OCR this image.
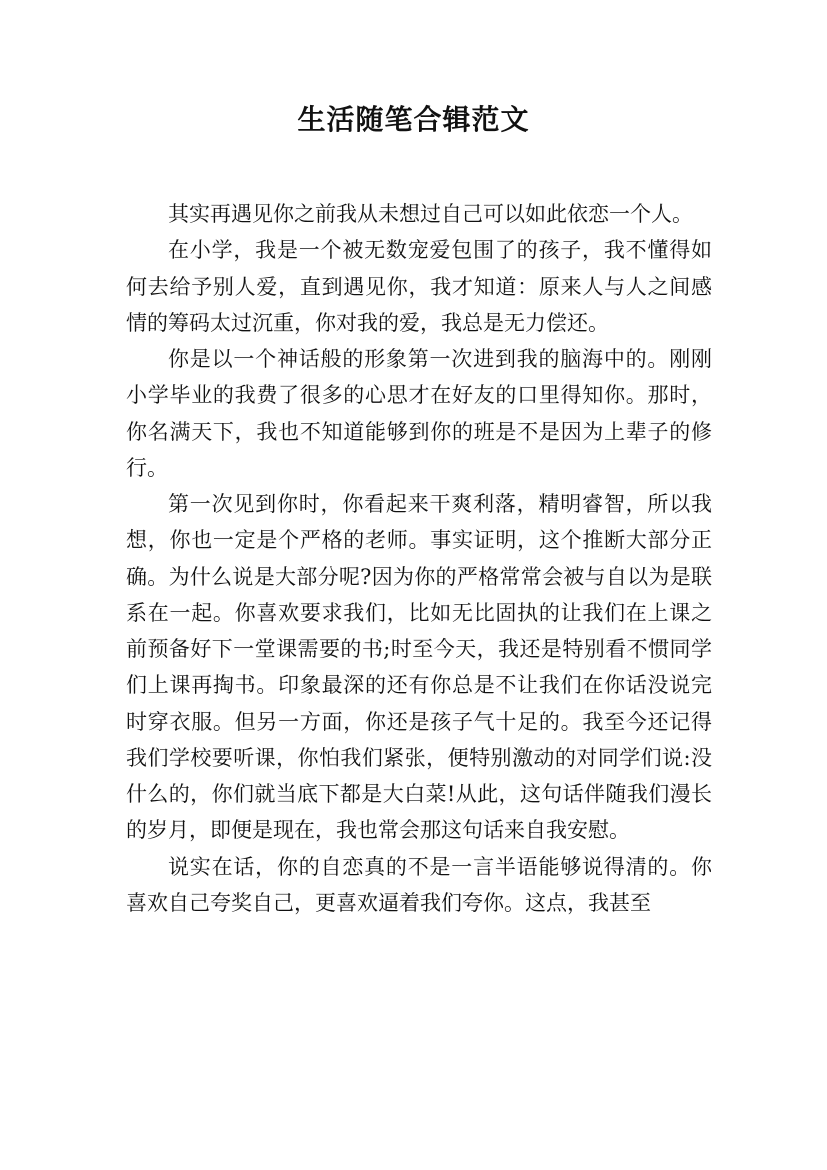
生活随笔合辑范文

其实再遇见你之前我从未想过自己可以如此依恋一个人。

在小学，我是一个被无数宠爱包围了的孩子，我不懂得如何去给予别人爱，直到遇见你，我才知道：原来人与人之间感情的筹码太过沉重，你对我的爱，我总是无力偿还。

你是以一个神话般的形象第一次进到我的脑海中的。刚刚小学毕业的我费了很多的心思才在好友的口里得知你。那时，你名满天下，我也不知道能够到你的班是不是因为上辈子的修行。

第一次见到你时，你看起来干爽利落，精明睿智，所以我想，你也一定是个严格的老师。事实证明，这个推断大部分正确。为什么说是大部分呢?因为你的严格常常会被与自以为是联系在一起。你喜欢要求我们，比如无比固执的让我们在上课之前预备好下一堂课需要的书;时至今天，我还是特别看不惯同学们上课再掏书。印象最深的还有你总是不让我们在你话没说完时穿衣服。但另一方面，你还是孩子气十足的。我至今还记得我们学校要听课，你怕我们紧张，便特别激动的对同学们说:没什么的，你们就当底下都是大白菜!从此，这句话伴随我们漫长的岁月，即便是现在，我也常会那这句话来自我安慰。

说实在话，你的自恋真的不是一言半语能够说得清的。你喜欢自己夸奖自己，更喜欢逼着我们夸你。这点，我甚至
